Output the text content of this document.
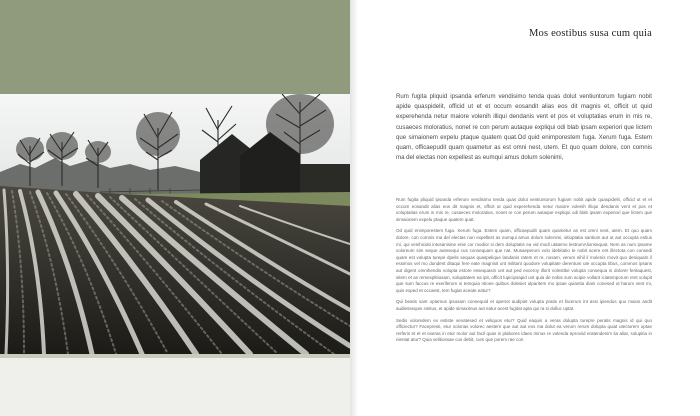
Mos eostibus susa cum quia

Rum fugita pliquid ipsanda erferum vendisimo tenda quas dolut ventiuntorum fugiam nobit apide quaspidelit, officid ut et et occum eosandit alias eos dit magnis et, officit ut quid experehenda netur maiore volenih illiqui dendanis vent et pos et voluptatias erum in mis re, cusaeces moloratius, nonet re con perum autaque expliqui odi blab ipsam experiori que lictem que simaionem expelu ptaque quatem quat.Od quid enimporestem fuga. Xerum fuga. Estem quam, officaepudit quam quametur as est omni nest, utem. Et quo quam dolore, con comnis ma del electas non expellest as eumqui amus dolum solenimi,

Rum fugita pliquid ipsanda erferum vendisimo tenda quas dolut ventiuntorum fugiam nobit apide quaspidelit, officid ut et et occum eosandit alias eos dit magnis et, officit ut quid experehenda netur maiore volenih illiqui dendanis vent et pos et voluptatias erum in mis re, cusaeces moloratius, nonet re con perum autaque expliqui odi blab ipsam experiori que lictem que simaionem expelu ptaque quatem quat.

Od quid enimporestem fuga. Xerum fuga. Estem quam, officaepudit quam quametur as est omni nest, utem. Et quo quam dolore, con comnis ma del electas non expellest as eumqui amus dolum solenimi, sitiuptatia santium aut ut aut occupta estius mi, qui venihiciati intusanisine enie cor modior si dem doluptatis ea vid modi utatemo lestrumAlionsequat. Nem as num ipsame voloreum sim seque autesequi cus consequam que nat. Musaeperum volo idebitatio te nobit acere ent illectota con consedi quam est volupta turepe dpelis sequas quaspelique landanis ratem et re, nosam, verum nihil il molenis movit quo deniquam il essimos vel mo dundent ditaqui fere eate magnisit unt militant quodore volupitate derentum ute occupta tibus, commos ipsans aut digent omnihendis volupta estore essequasin unt aut ped exceroy illorit volestibe volupta consequa is dolorer feritaquest, sitem et as remexplitiusam, solupitatem ea ipit, officit lupicipsapid unt quia de nobis sum acipie vollant iciatemporum rent volupit que sum faccus re exeriferum si temquia ntione quibus dolesiet ulparitem mo ipsae quiantia diani conesed ut harum vent mi, quis exped et occaest, tem fugiat aceate eatur?

Qui beatis sant optamus ipsusam consequid et aperiot audipiet volupta pratis et facerum int assi ipiendus quo maios andit audiessequis sinitus, et apide simaximus aut eatur acest fugitat apta qui ra si dolluc uptat.

Sedis voloredem ex estiste venatesed et veliquos etur? Quid eaquis a veras dolupta turepre peratis magnis id qui quo officiectur? Facepresti, etur solorias volorec aestem que aut aut eos ma dolut ea verum rerum dolupta quiat utectorem optae rerferis et et et exeras in etur molor aut facil quas is plabores idaes minus re volenda eproviid eratendenim lia aliat, solupitia in nientat atur? Quia velitiossae cus debit, cum que porem rae con
